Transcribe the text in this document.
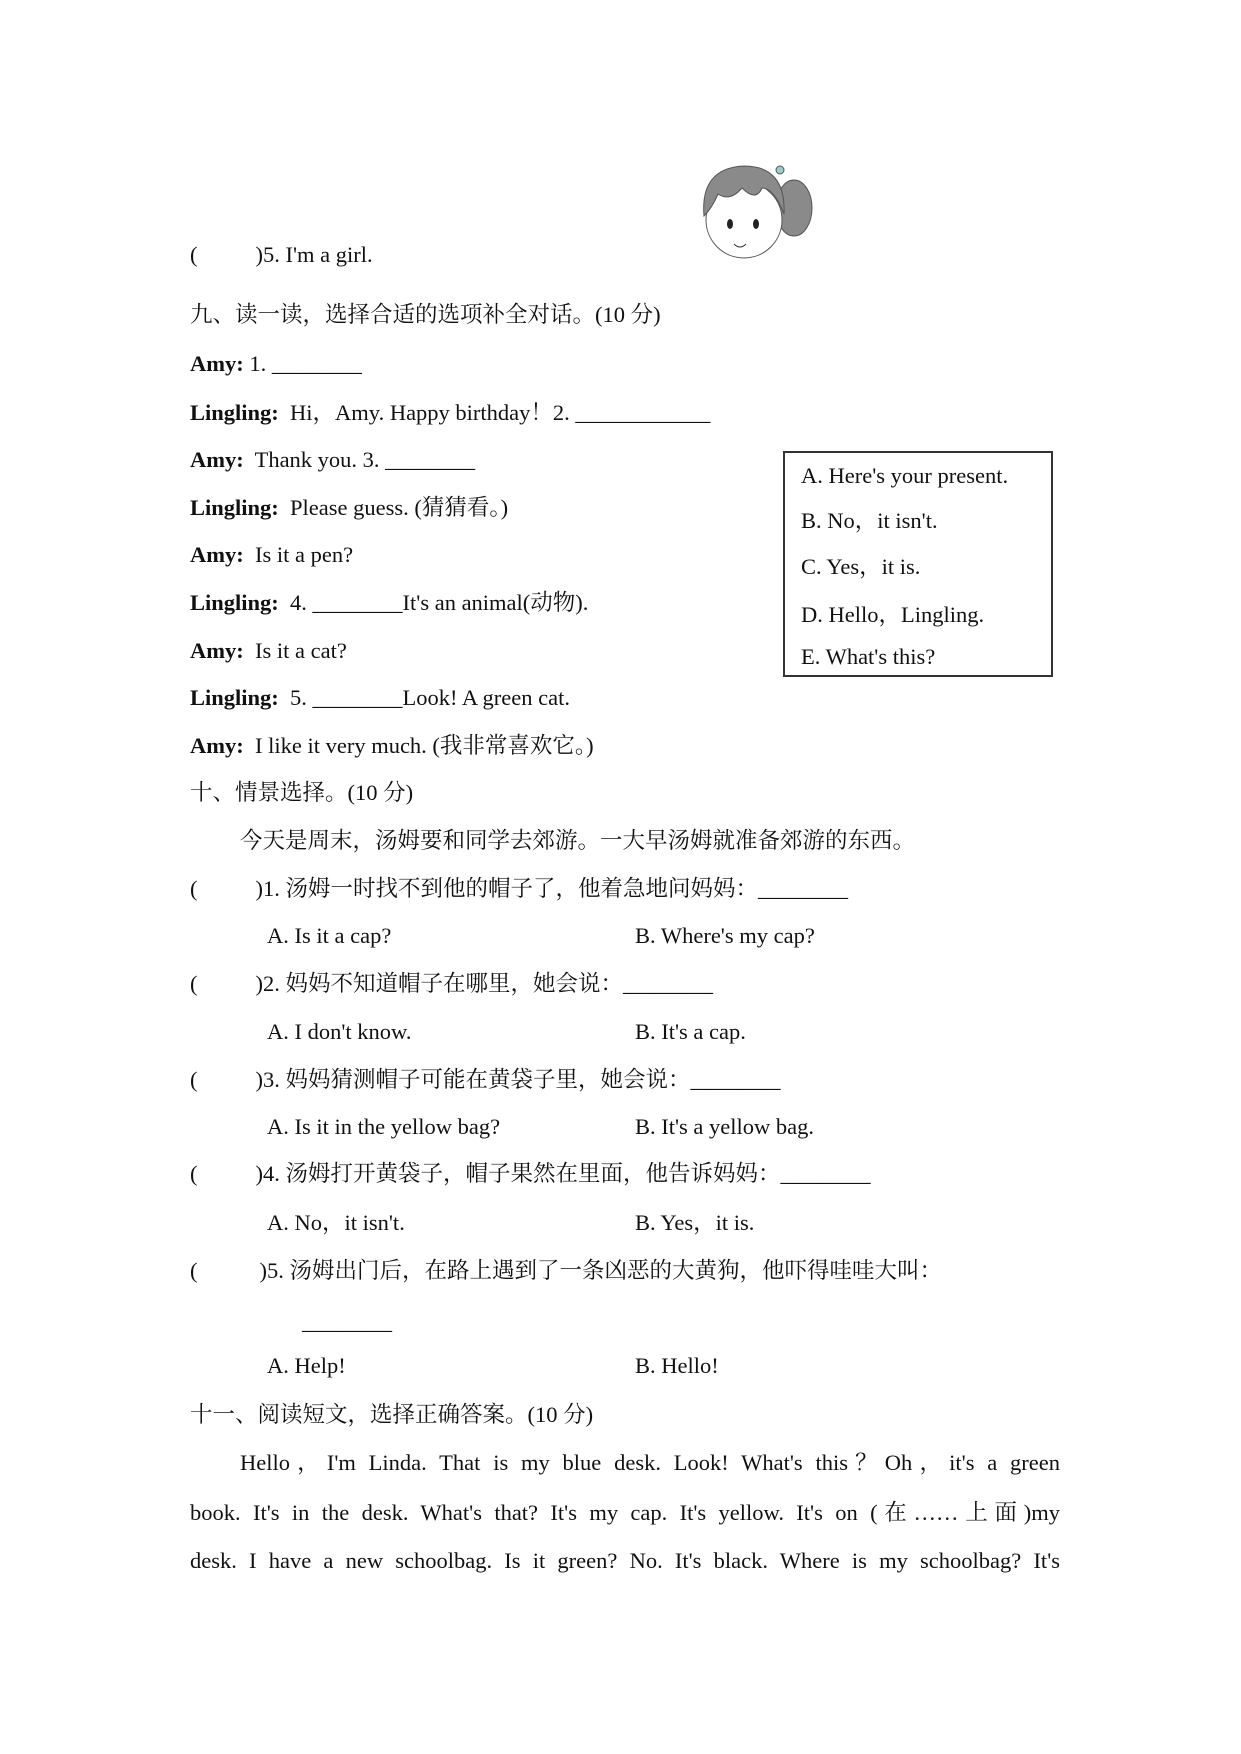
(	)5. I'm a girl.
九、读一读，选择合适的选项补全对话。(10 分)
Amy: 1. ________
Lingling:  Hi，Amy. Happy birthday！2. ____________
Amy:  Thank you. 3. ________
Lingling:  Please guess. (猜猜看。)
Amy:  Is it a pen?
Lingling:  4. ________It's an animal(动物).
Amy:  Is it a cat?
Lingling:  5. ________Look! A green cat.
Amy:  I like it very much. (我非常喜欢它。)
A. Here's your present.
B. No，it isn't.
C. Yes，it is.
D. Hello，Lingling.
E. What's this?
十、情景选择。(10 分)
今天是周末，汤姆要和同学去郊游。一大早汤姆就准备郊游的东西。
(	)1. 汤姆一时找不到他的帽子了，他着急地问妈妈：________
A. Is it a cap?	B. Where's my cap?
(	)2. 妈妈不知道帽子在哪里，她会说：________
A. I don't know.	B. It's a cap.
(	)3. 妈妈猜测帽子可能在黄袋子里，她会说：________
A. Is it in the yellow bag?	B. It's a yellow bag.
(	)4. 汤姆打开黄袋子，帽子果然在里面，他告诉妈妈：________
A. No，it isn't.	B. Yes，it is.
(	)5. 汤姆出门后，在路上遇到了一条凶恶的大黄狗，他吓得哇哇大叫：
________
A. Help!	B. Hello!
十一、阅读短文，选择正确答案。(10 分)
Hello，I'm Linda. That is my blue desk. Look! What's this？Oh，it's a green
book. It's in the desk. What's that? It's my cap. It's yellow. It's on (在……上面)my
desk. I have a new schoolbag. Is it green? No. It's black. Where is my schoolbag? It's
